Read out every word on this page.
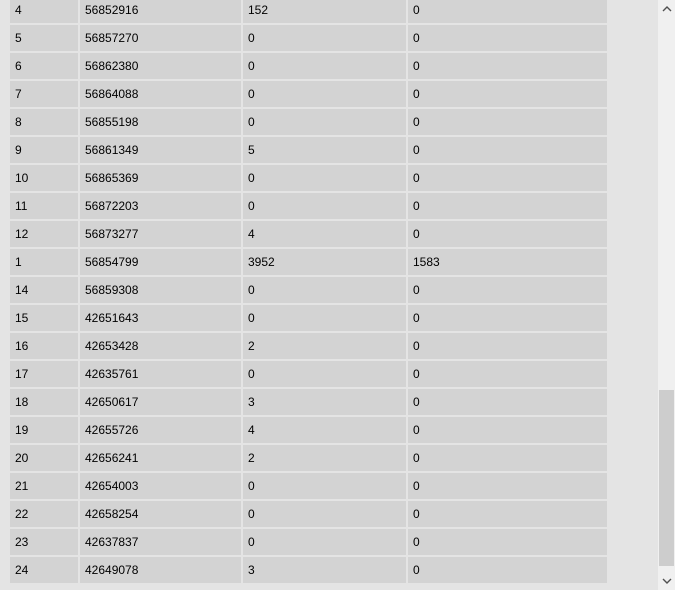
4	56852916	152	0
5	56857270	0	0
6	56862380	0	0
7	56864088	0	0
8	56855198	0	0
9	56861349	5	0
10	56865369	0	0
11	56872203	0	0
12	56873277	4	0
1	56854799	3952	1583
14	56859308	0	0
15	42651643	0	0
16	42653428	2	0
17	42635761	0	0
18	42650617	3	0
19	42655726	4	0
20	42656241	2	0
21	42654003	0	0
22	42658254	0	0
23	42637837	0	0
24	42649078	3	0
